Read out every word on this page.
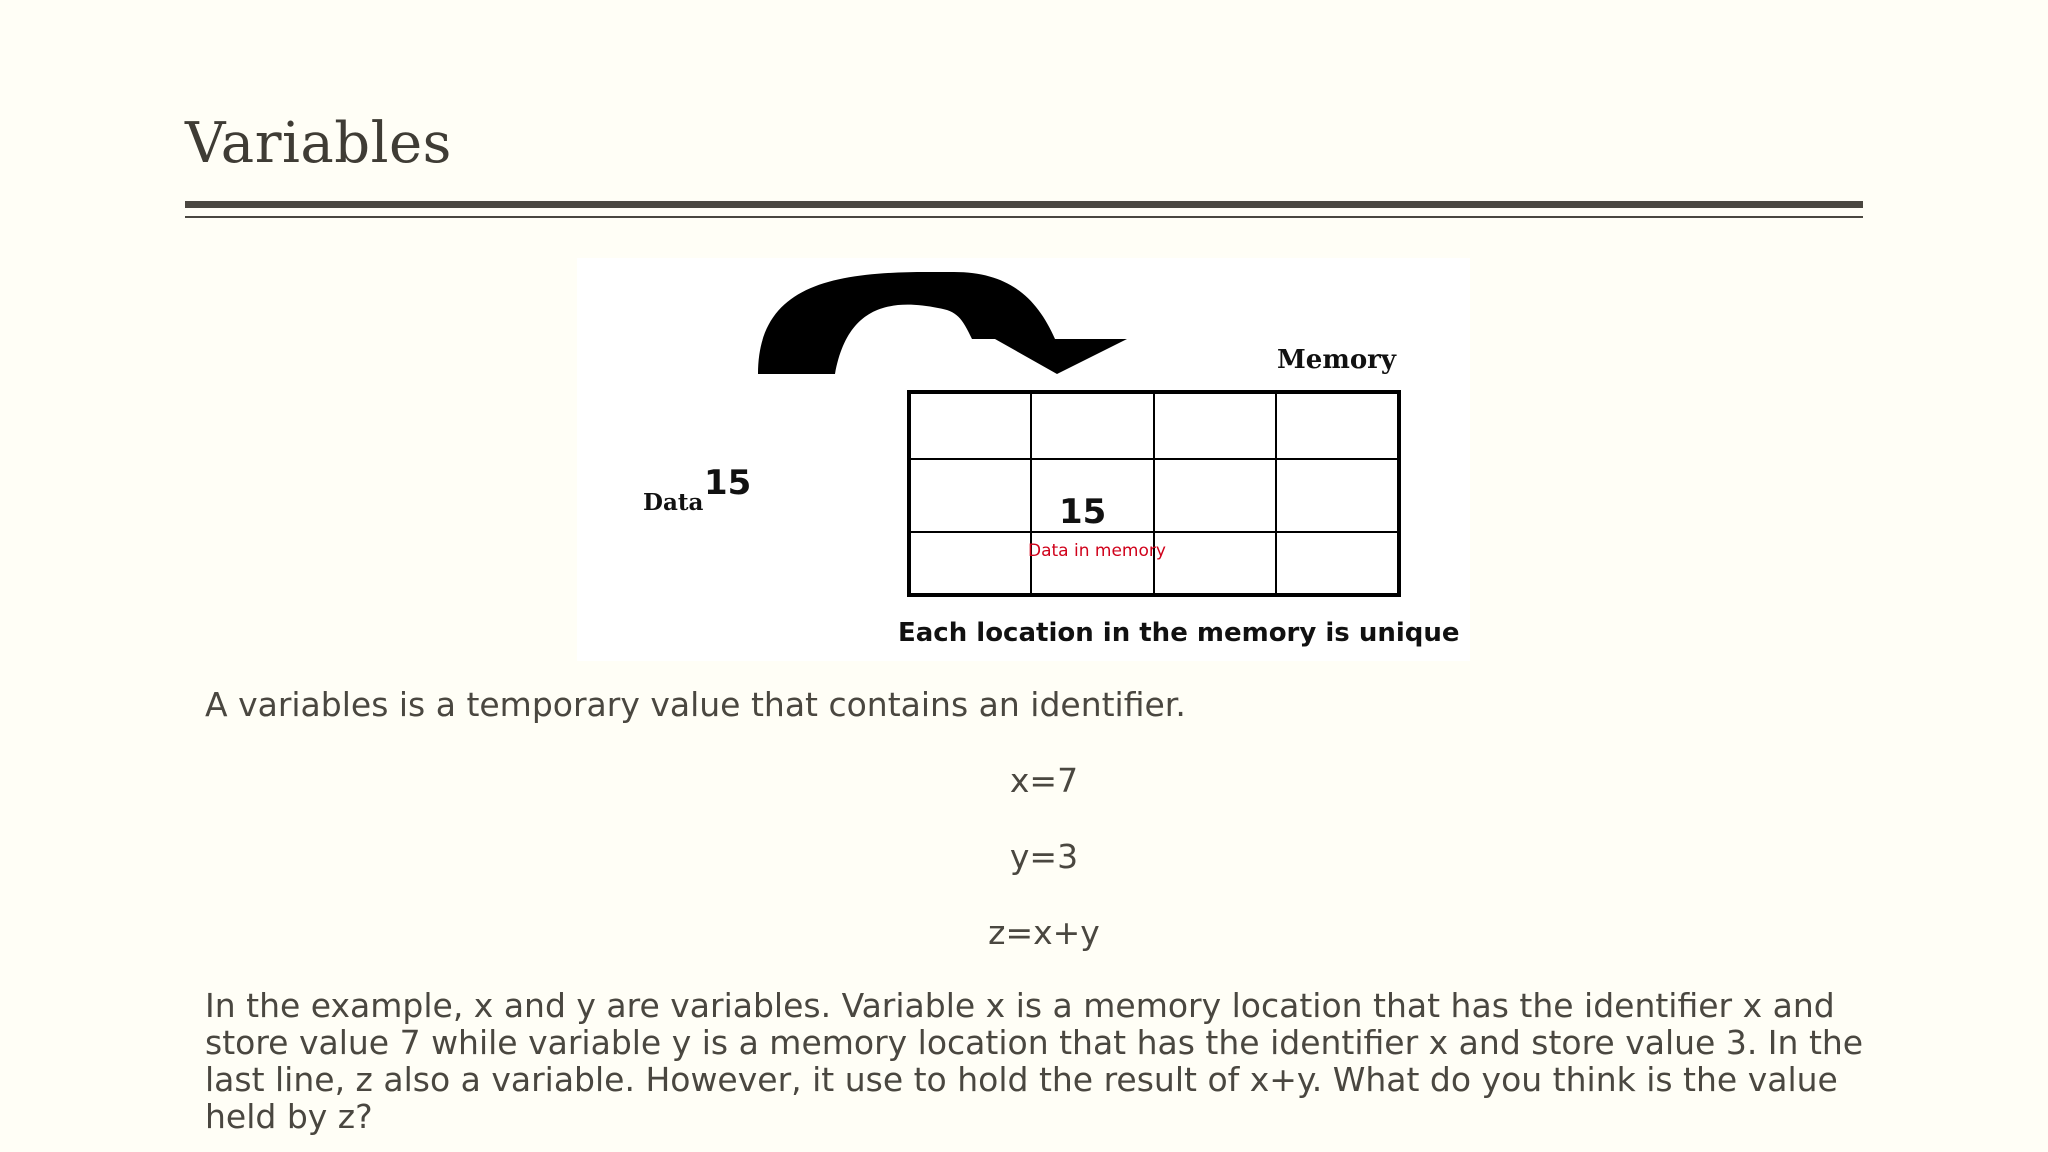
Variables
Memory
Data 15
15
Data in memory
Each location in the memory is unique

A variables is a temporary value that contains an identifier.

x=7
y=3
z=x+y

In the example, x and y are variables. Variable x is a memory location that has the identifier x and store value 7 while variable y is a memory location that has the identifier x and store value 3. In the last line, z also a variable. However, it use to hold the result of x+y. What do you think is the value held by z?
